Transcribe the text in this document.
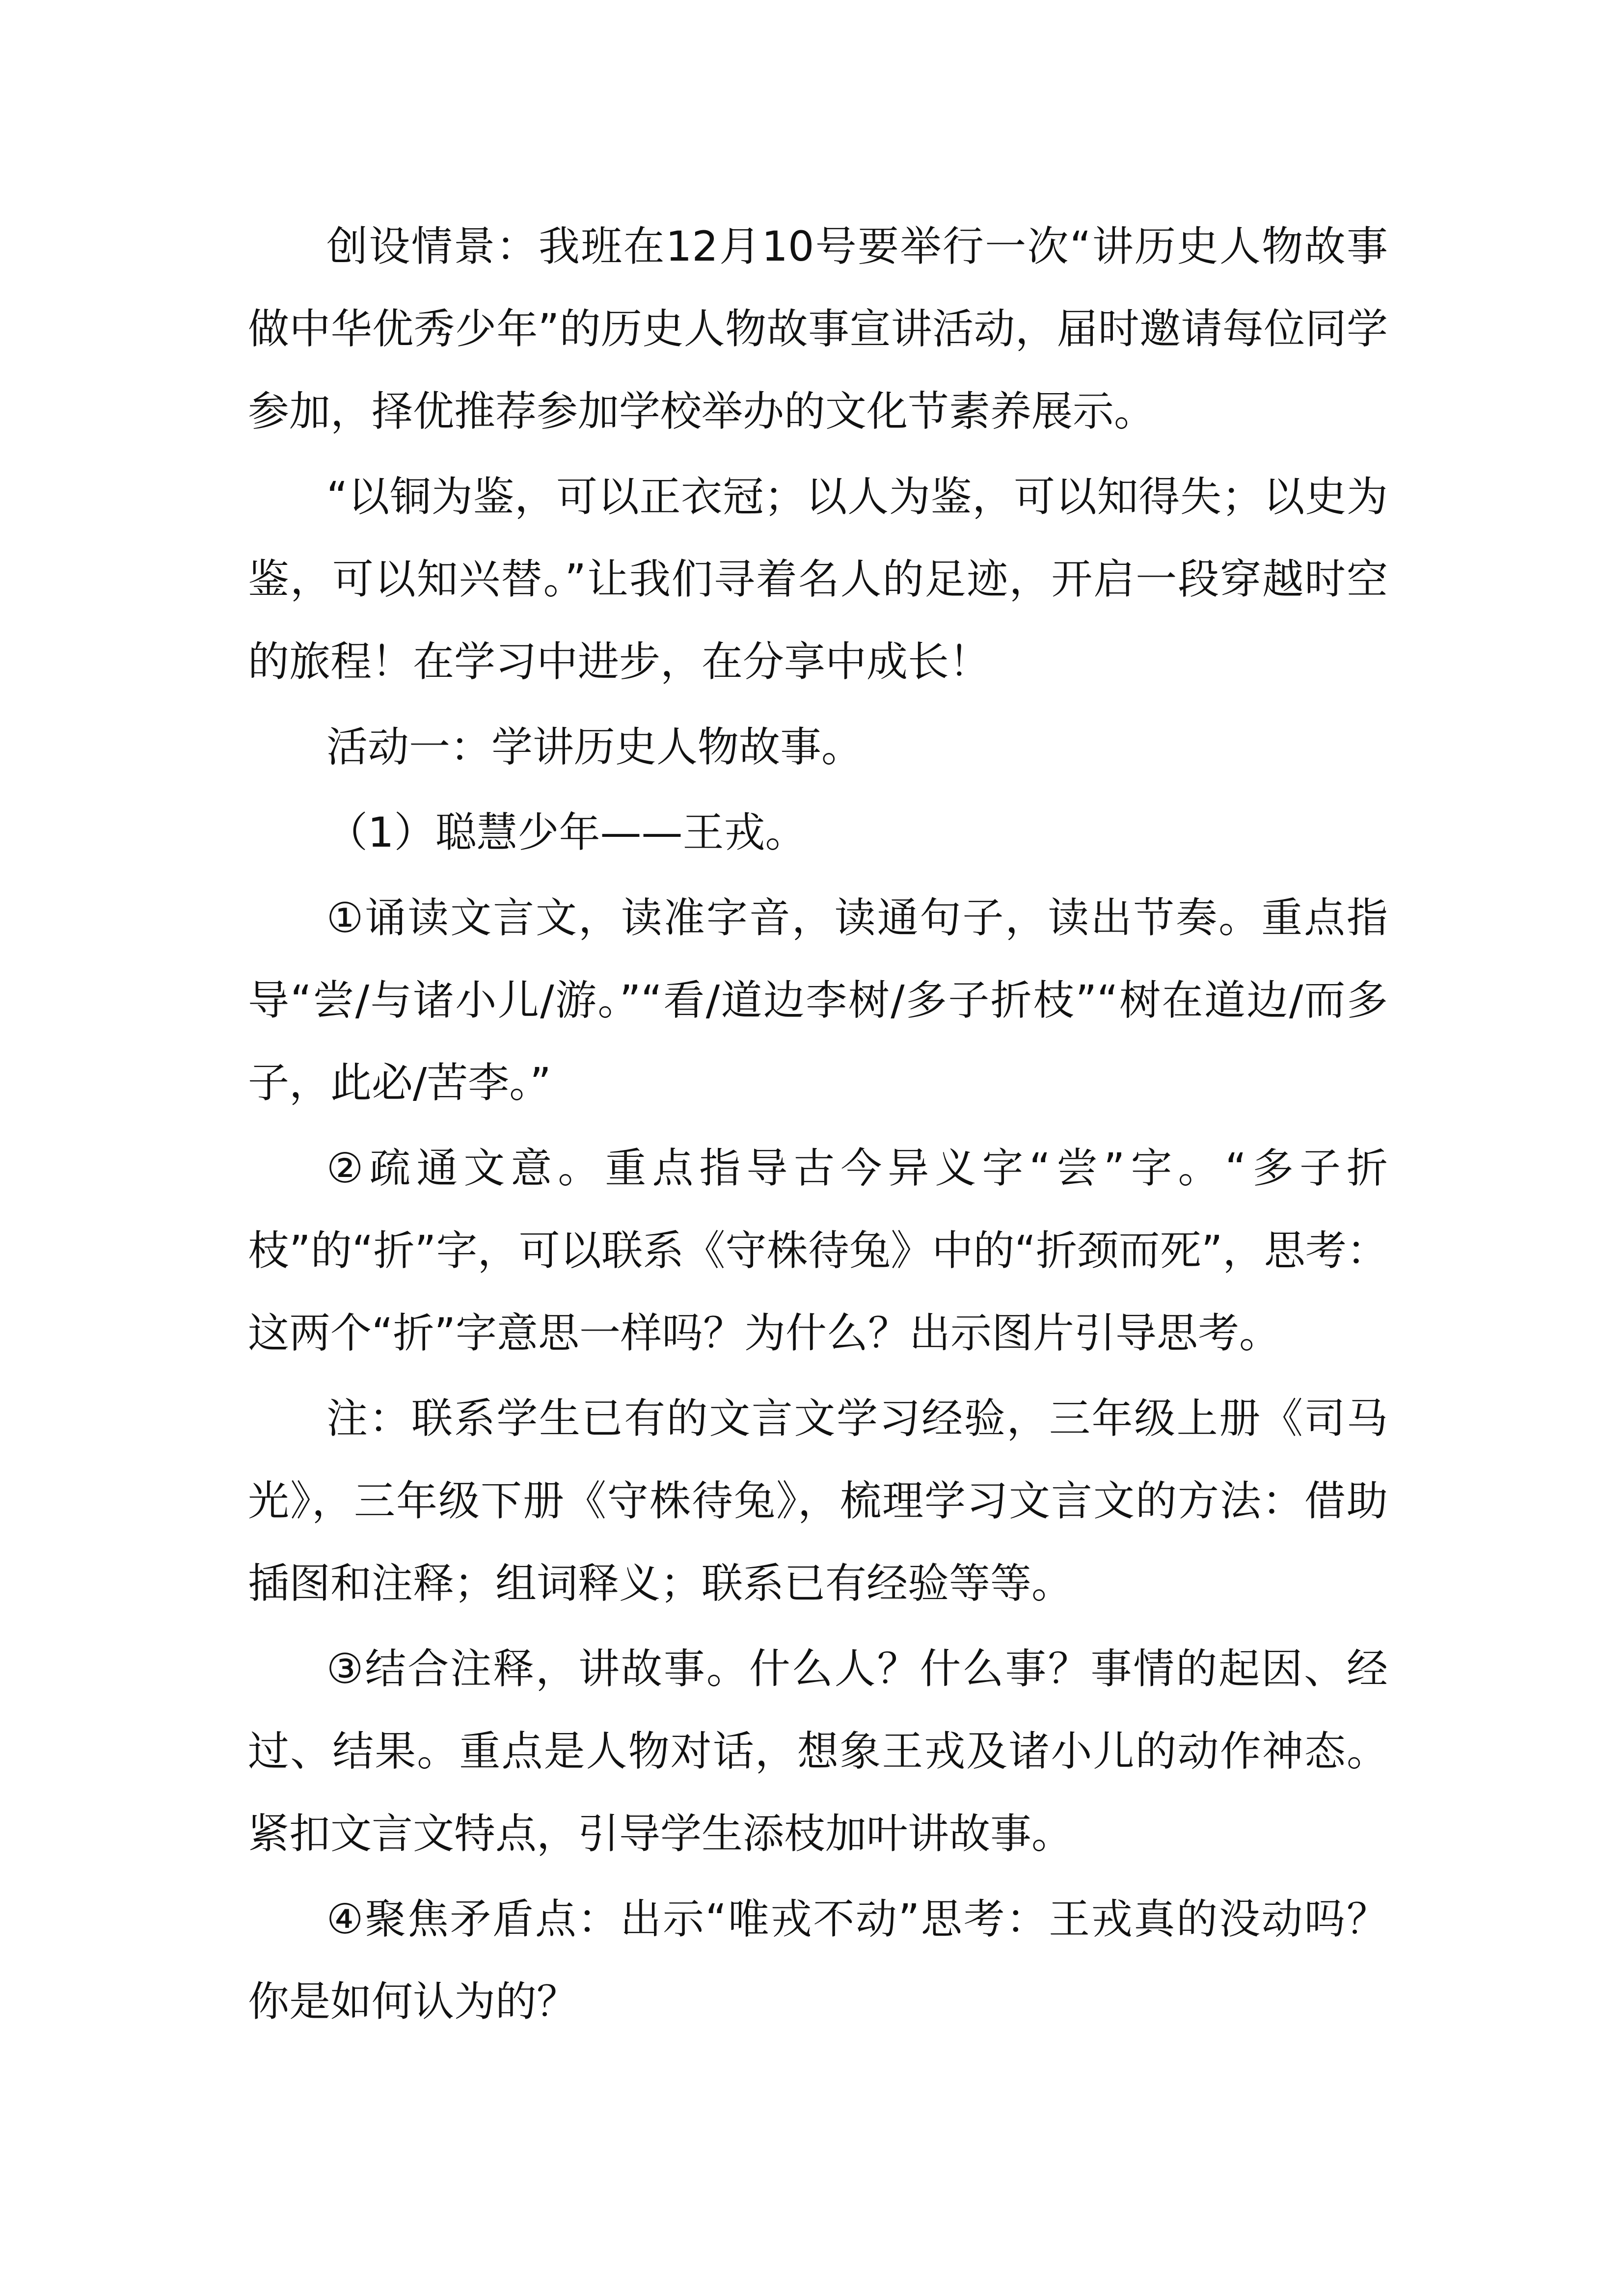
创设情景：我班在12月10号要举行一次“讲历史人物故事 做中华优秀少年”的历史人物故事宣讲活动，届时邀请每位同学参加，择优推荐参加学校举办的文化节素养展示。

“以铜为鉴，可以正衣冠；以人为鉴，可以知得失；以史为鉴，可以知兴替。”让我们寻着名人的足迹，开启一段穿越时空的旅程！在学习中进步，在分享中成长！

活动一：学讲历史人物故事。

（1）聪慧少年——王戎。

①诵读文言文，读准字音，读通句子，读出节奏。重点指导“尝/与诸小儿/游。”“看/道边李树/多子折枝”“树在道边/而多子，此必/苦李。”

②疏通文意。重点指导古今异义字“尝”字。“多子折枝”的“折”字，可以联系《守株待兔》中的“折颈而死”，思考：这两个“折”字意思一样吗？为什么？出示图片引导思考。

注：联系学生已有的文言文学习经验，三年级上册《司马光》，三年级下册《守株待兔》，梳理学习文言文的方法：借助插图和注释；组词释义；联系已有经验等等。

③结合注释，讲故事。什么人？什么事？事情的起因、经过、结果。重点是人物对话，想象王戎及诸小儿的动作神态。紧扣文言文特点，引导学生添枝加叶讲故事。

④聚焦矛盾点：出示“唯戎不动”思考：王戎真的没动吗？你是如何认为的？
